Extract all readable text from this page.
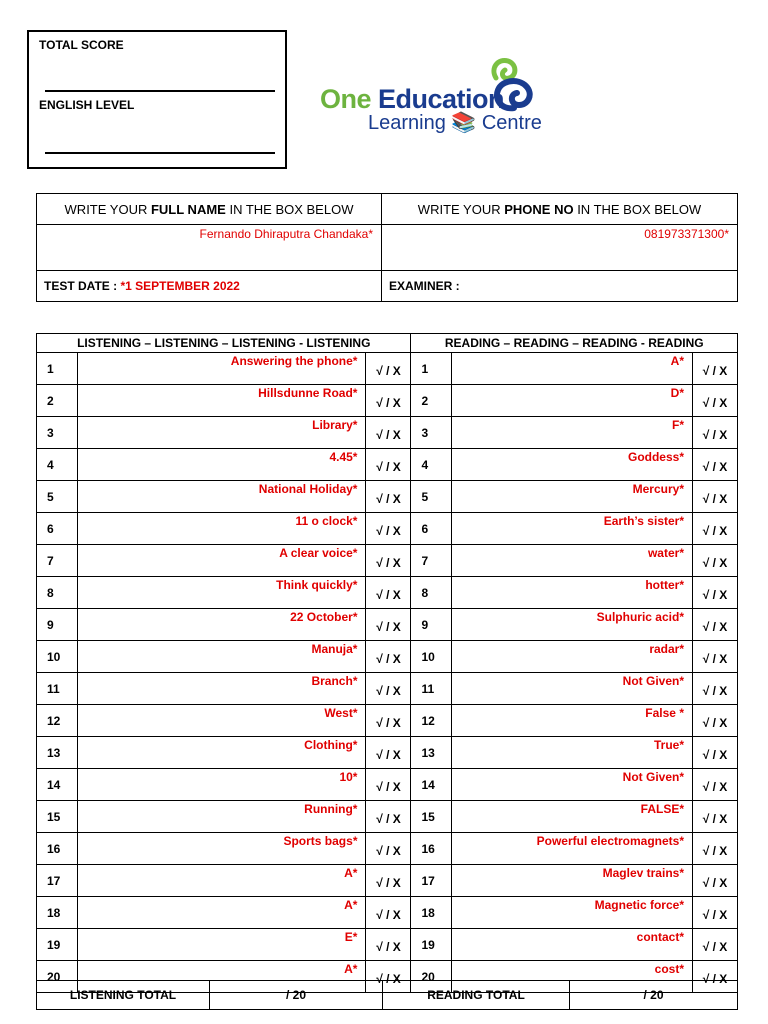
TOTAL SCORE
ENGLISH LEVEL	One Education
Learning 📚 Centre
WRITE YOUR FULL NAME IN THE BOX BELOW	WRITE YOUR PHONE NO IN THE BOX BELOW
Fernando Dhiraputra Chandaka*	081973371300*
TEST DATE : *1 SEPTEMBER 2022	EXAMINER :
LISTENING – LISTENING – LISTENING - LISTENING			READING – READING – READING - READING		
1	Answering the phone*	√ / X	1	A*	√ / X
2	Hillsdunne Road*	√ / X	2	D*	√ / X
3	Library*	√ / X	3	F*	√ / X
4	4.45*	√ / X	4	Goddess*	√ / X
5	National Holiday*	√ / X	5	Mercury*	√ / X
6	11 o clock*	√ / X	6	Earth’s sister*	√ / X
7	A clear voice*	√ / X	7	water*	√ / X
8	Think quickly*	√ / X	8	hotter*	√ / X
9	22 October*	√ / X	9	Sulphuric acid*	√ / X
10	Manuja*	√ / X	10	radar*	√ / X
11	Branch*	√ / X	11	Not Given*	√ / X
12	West*	√ / X	12	False *	√ / X
13	Clothing*	√ / X	13	True*	√ / X
14	10*	√ / X	14	Not Given*	√ / X
15	Running*	√ / X	15	FALSE*	√ / X
16	Sports bags*	√ / X	16	Powerful electromagnets*	√ / X
17	A*	√ / X	17	Maglev trains*	√ / X
18	A*	√ / X	18	Magnetic force*	√ / X
19	E*	√ / X	19	contact*	√ / X
20	A*	√ / X	20	cost*	√ / X
LISTENING TOTAL	/ 20	READING TOTAL	/ 20
